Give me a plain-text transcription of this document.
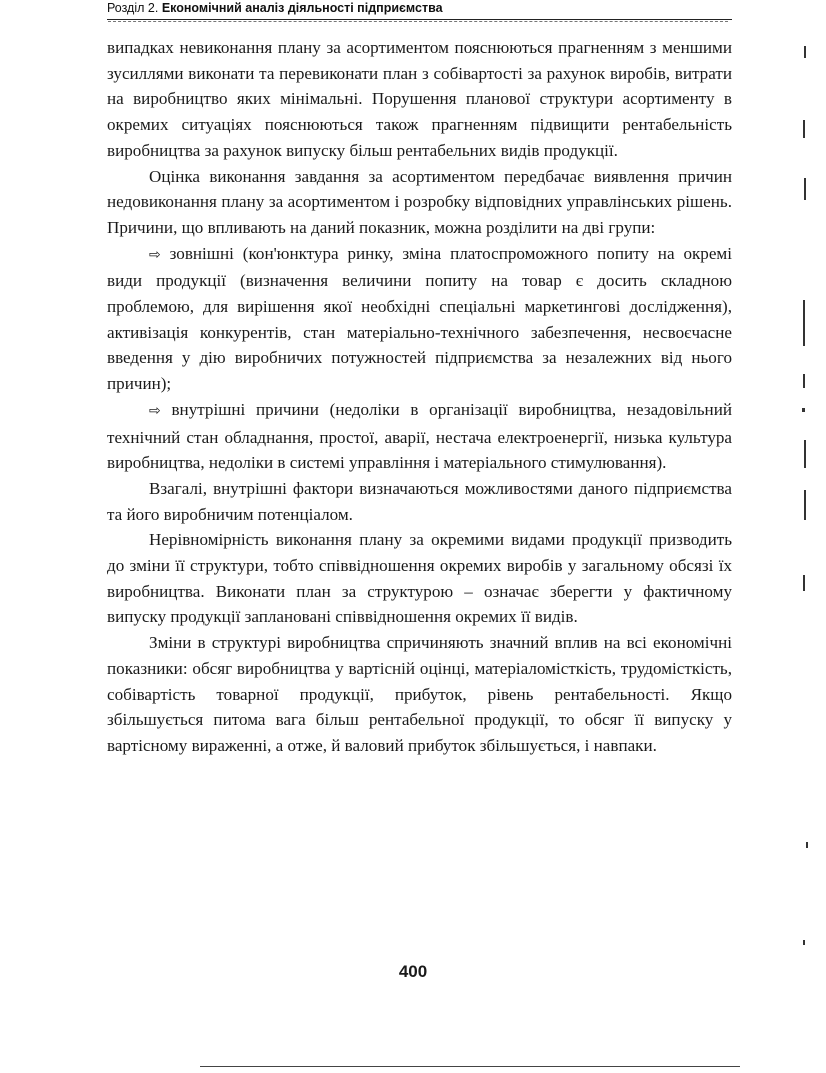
Розділ 2. Економічний аналіз діяльності підприємства

випадках невиконання плану за асортиментом пояснюються прагненням з меншими зусиллями виконати та перевиконати план з собівартості за рахунок виробів, витрати на виробництво яких мінімальні. Порушення планової структури асортименту в окремих ситуаціях пояснюються також прагненням підвищити рентабельність виробництва за рахунок випуску більш рентабельних видів продукції.

Оцінка виконання завдання за асортиментом передбачає виявлення причин недовиконання плану за асортиментом і розробку відповідних управлінських рішень. Причини, що впливають на даний показник, можна розділити на дві групи:

⇨ зовнішні (кон'юнктура ринку, зміна платоспроможного попиту на окремі види продукції (визначення величини попиту на товар є досить складною проблемою, для вирішення якої необхідні спеціальні маркетингові дослідження), активізація конкурентів, стан матеріально-технічного забезпечення, несвоєчасне введення у дію виробничих потужностей підприємства за незалежних від нього причин);

⇨ внутрішні причини (недоліки в організації виробництва, незадовільний технічний стан обладнання, простої, аварії, нестача електроенергії, низька культура виробництва, недоліки в системі управління і матеріального стимулювання).

Взагалі, внутрішні фактори визначаються можливостями даного підприємства та його виробничим потенціалом.

Нерівномірність виконання плану за окремими видами продукції призводить до зміни її структури, тобто співвідношення окремих виробів у загальному обсязі їх виробництва. Виконати план за структурою – означає зберегти у фактичному випуску продукції заплановані співвідношення окремих її видів.

Зміни в структурі виробництва спричиняють значний вплив на всі економічні показники: обсяг виробництва у вартісній оцінці, матеріаломісткість, трудомісткість, собівартість товарної продукції, прибуток, рівень рентабельності. Якщо збільшується питома вага більш рентабельної продукції, то обсяг її випуску у вартісному вираженні, а отже, й валовий прибуток збільшується, і навпаки.

400
